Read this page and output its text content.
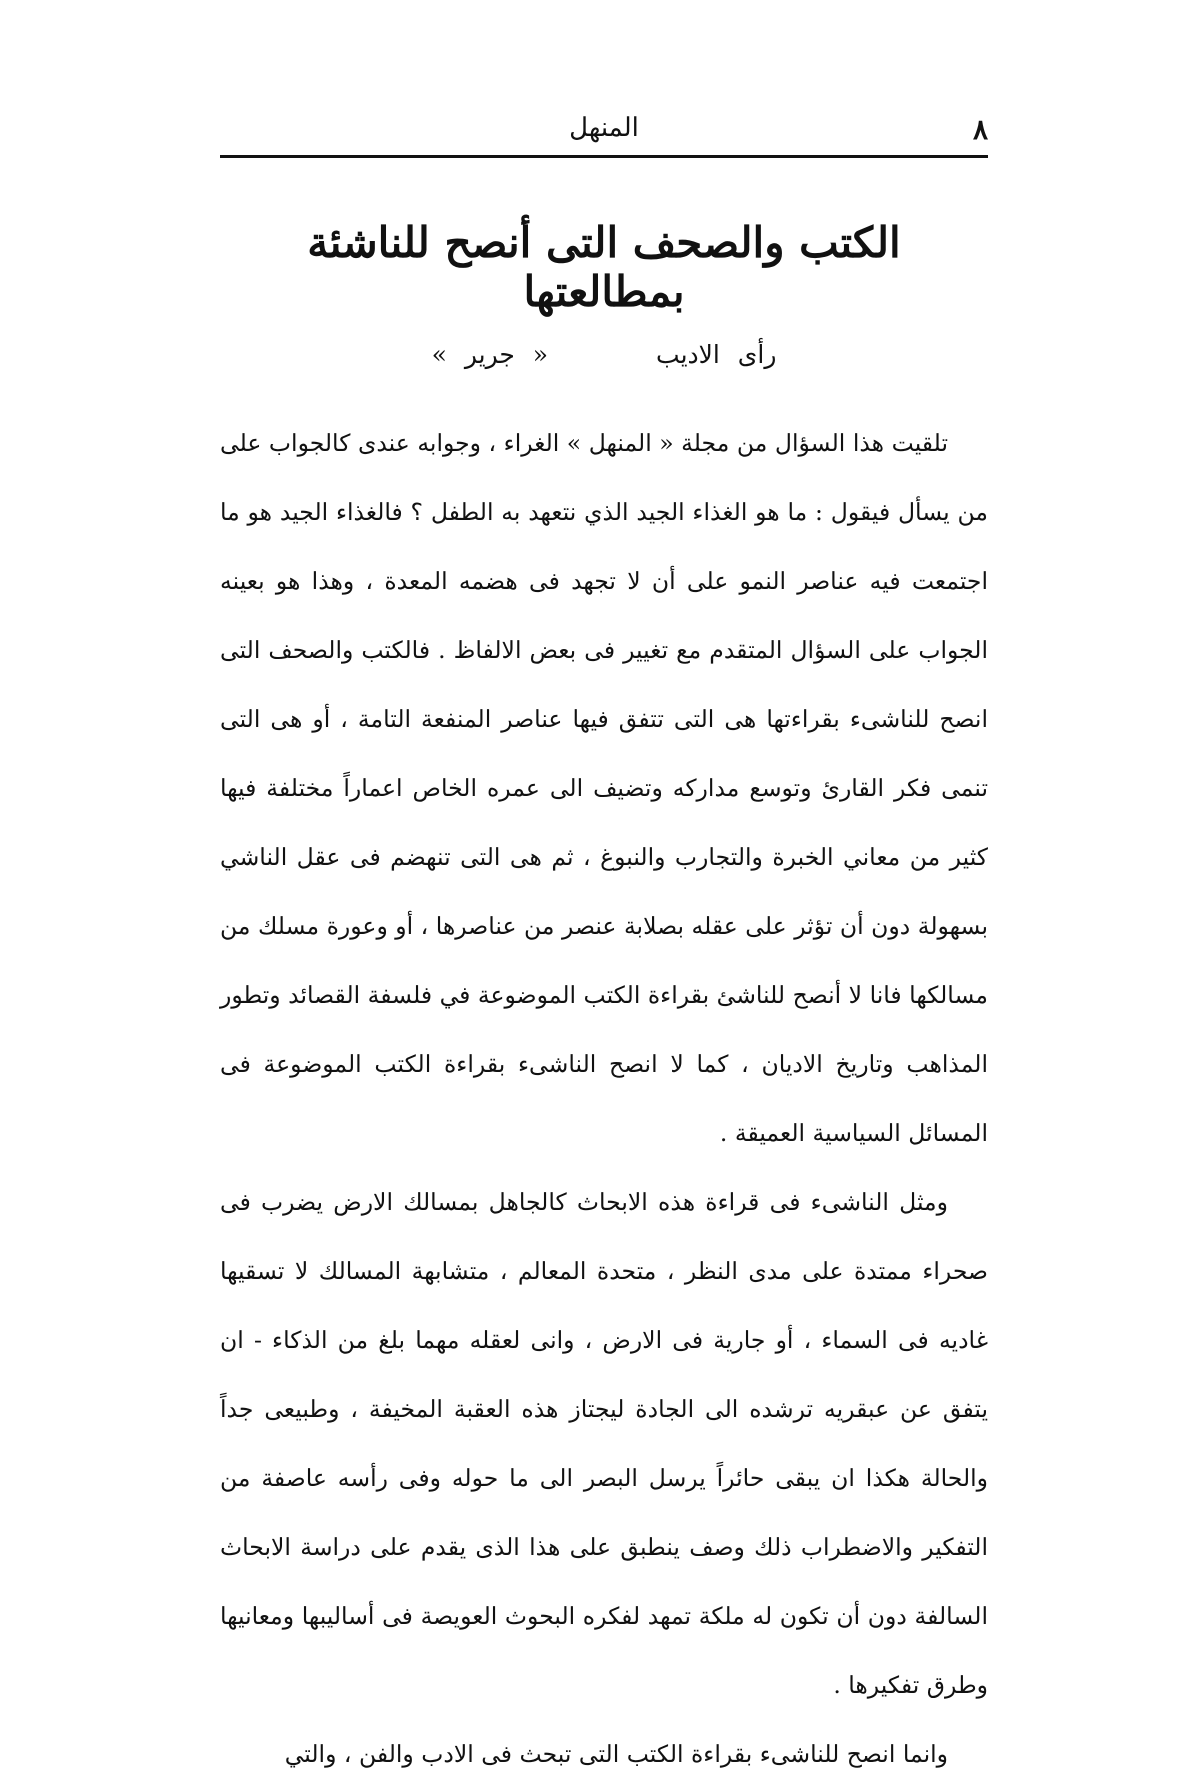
٨
المنهل
الكتب والصحف التى أنصح للناشئة بمطالعتها
رأى الاديب « جرير »

تلقيت هذا السؤال من مجلة « المنهل » الغراء ، وجوابه عندى كالجواب على من يسأل فيقول : ما هو الغذاء الجيد الذي نتعهد به الطفل ؟ فالغذاء الجيد هو ما اجتمعت فيه عناصر النمو على أن لا تجهد فى هضمه المعدة ، وهذا هو بعينه الجواب على السؤال المتقدم مع تغيير فى بعض الالفاظ . فالكتب والصحف التى انصح للناشىء بقراءتها هى التى تتفق فيها عناصر المنفعة التامة ، أو هى التى تنمى فكر القارئ وتوسع مداركه وتضيف الى عمره الخاص اعماراً مختلفة فيها كثير من معاني الخبرة والتجارب والنبوغ ، ثم هى التى تنهضم فى عقل الناشي بسهولة دون أن تؤثر على عقله بصلابة عنصر من عناصرها ، أو وعورة مسلك من مسالكها فانا لا أنصح للناشئ بقراءة الكتب الموضوعة في فلسفة القصائد وتطور المذاهب وتاريخ الاديان ، كما لا انصح الناشىء بقراءة الكتب الموضوعة فى المسائل السياسية العميقة .

ومثل الناشىء فى قراءة هذه الابحاث كالجاهل بمسالك الارض يضرب فى صحراء ممتدة على مدى النظر ، متحدة المعالم ، متشابهة المسالك لا تسقيها غاديه فى السماء ، أو جارية فى الارض ، وانى لعقله مهما بلغ من الذكاء - ان يتفق عن عبقريه ترشده الى الجادة ليجتاز هذه العقبة المخيفة ، وطبيعى جداً والحالة هكذا ان يبقى حائراً يرسل البصر الى ما حوله وفى رأسه عاصفة من التفكير والاضطراب ذلك وصف ينطبق على هذا الذى يقدم على دراسة الابحاث السالفة دون أن تكون له ملكة تمهد لفكره البحوث العويصة فى أساليبها ومعانيها وطرق تفكيرها .

وانما انصح للناشىء بقراءة الكتب التى تبحث فى الادب والفن ، والتي
